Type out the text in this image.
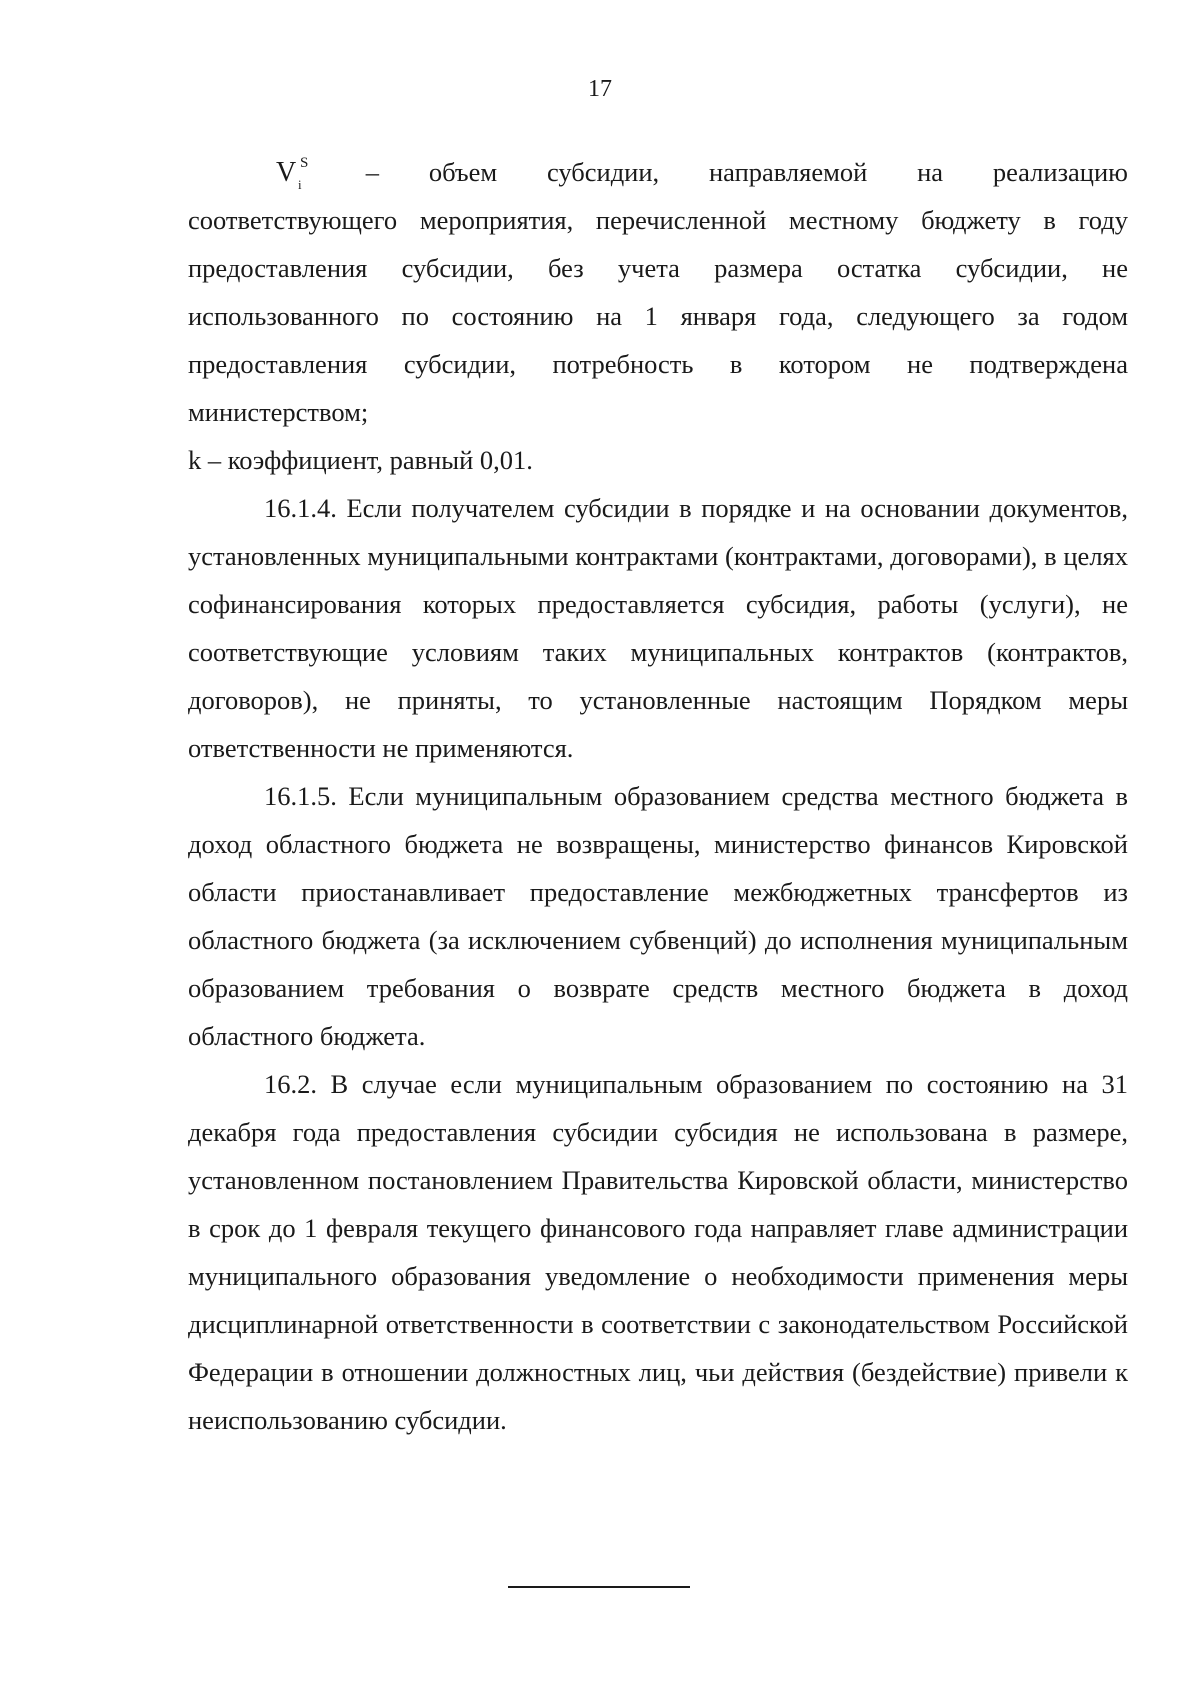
17
V S
i – объем субсидии, направляемой на реализацию

соответствующего мероприятия, перечисленной местному бюджету в году предоставления субсидии, без учета размера остатка субсидии, не использованного по состоянию на 1 января года, следующего за годом предоставления субсидии, потребность в котором не подтверждена министерством;

k – коэффициент, равный 0,01.

16.1.4. Если получателем субсидии в порядке и на основании документов, установленных муниципальными контрактами (контрактами, договорами), в целях софинансирования которых предоставляется субсидия, работы (услуги), не соответствующие условиям таких муниципальных контрактов (контрактов, договоров), не приняты, то установленные настоящим Порядком меры ответственности не применяются.

16.1.5. Если муниципальным образованием средства местного бюджета в доход областного бюджета не возвращены, министерство финансов Кировской области приостанавливает предоставление межбюджетных трансфертов из областного бюджета (за исключением субвенций) до исполнения муниципальным образованием требования о возврате средств местного бюджета в доход областного бюджета.

16.2. В случае если муниципальным образованием по состоянию на 31 декабря года предоставления субсидии субсидия не использована в размере, установленном постановлением Правительства Кировской области, министерство в срок до 1 февраля текущего финансового года направляет главе администрации муниципального образования уведомление о необходимости применения меры дисциплинарной ответственности в соответствии с законодательством Российской Федерации в отношении должностных лиц, чьи действия (бездействие) привели к неиспользованию субсидии.
